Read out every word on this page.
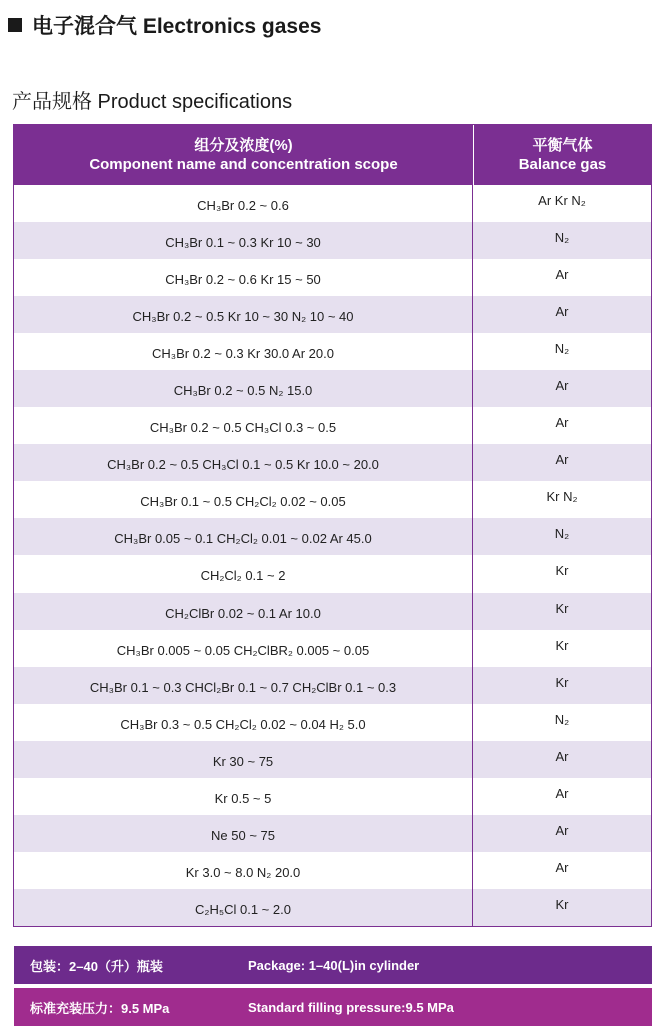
电子混合气 Electronics gases
产品规格 Product specifications
组分及浓度(%)
Component name and concentration scope
平衡气体
Balance gas
CH₃Br 0.2 ~ 0.6	Ar Kr N₂
CH₃Br 0.1 ~ 0.3 Kr 10 ~ 30	N₂
CH₃Br 0.2 ~ 0.6 Kr 15 ~ 50	Ar
CH₃Br 0.2 ~ 0.5 Kr 10 ~ 30 N₂ 10 ~ 40	Ar
CH₃Br 0.2 ~ 0.3 Kr 30.0 Ar 20.0	N₂
CH₃Br 0.2 ~ 0.5 N₂ 15.0	Ar
CH₃Br 0.2 ~ 0.5 CH₃Cl 0.3 ~ 0.5	Ar
CH₃Br 0.2 ~ 0.5 CH₃Cl 0.1 ~ 0.5 Kr 10.0 ~ 20.0	Ar
CH₃Br 0.1 ~ 0.5 CH₂Cl₂ 0.02 ~ 0.05	Kr N₂
CH₃Br 0.05 ~ 0.1 CH₂Cl₂ 0.01 ~ 0.02 Ar 45.0	N₂
CH₂Cl₂ 0.1 ~ 2	Kr
CH₂ClBr 0.02 ~ 0.1 Ar 10.0	Kr
CH₃Br 0.005 ~ 0.05 CH₂ClBR₂ 0.005 ~ 0.05	Kr
CH₃Br 0.1 ~ 0.3 CHCl₂Br 0.1 ~ 0.7 CH₂ClBr 0.1 ~ 0.3	Kr
CH₃Br 0.3 ~ 0.5 CH₂Cl₂ 0.02 ~ 0.04 H₂ 5.0	N₂
Kr 30 ~ 75	Ar
Kr 0.5 ~ 5	Ar
Ne 50 ~ 75	Ar
Kr 3.0 ~ 8.0 N₂ 20.0	Ar
C₂H₅Cl 0.1 ~ 2.0	Kr
包装：2–40（升）瓶装	Package: 1–40(L)in cylinder
标准充装压力：9.5 MPa	Standard filling pressure:9.5 MPa
